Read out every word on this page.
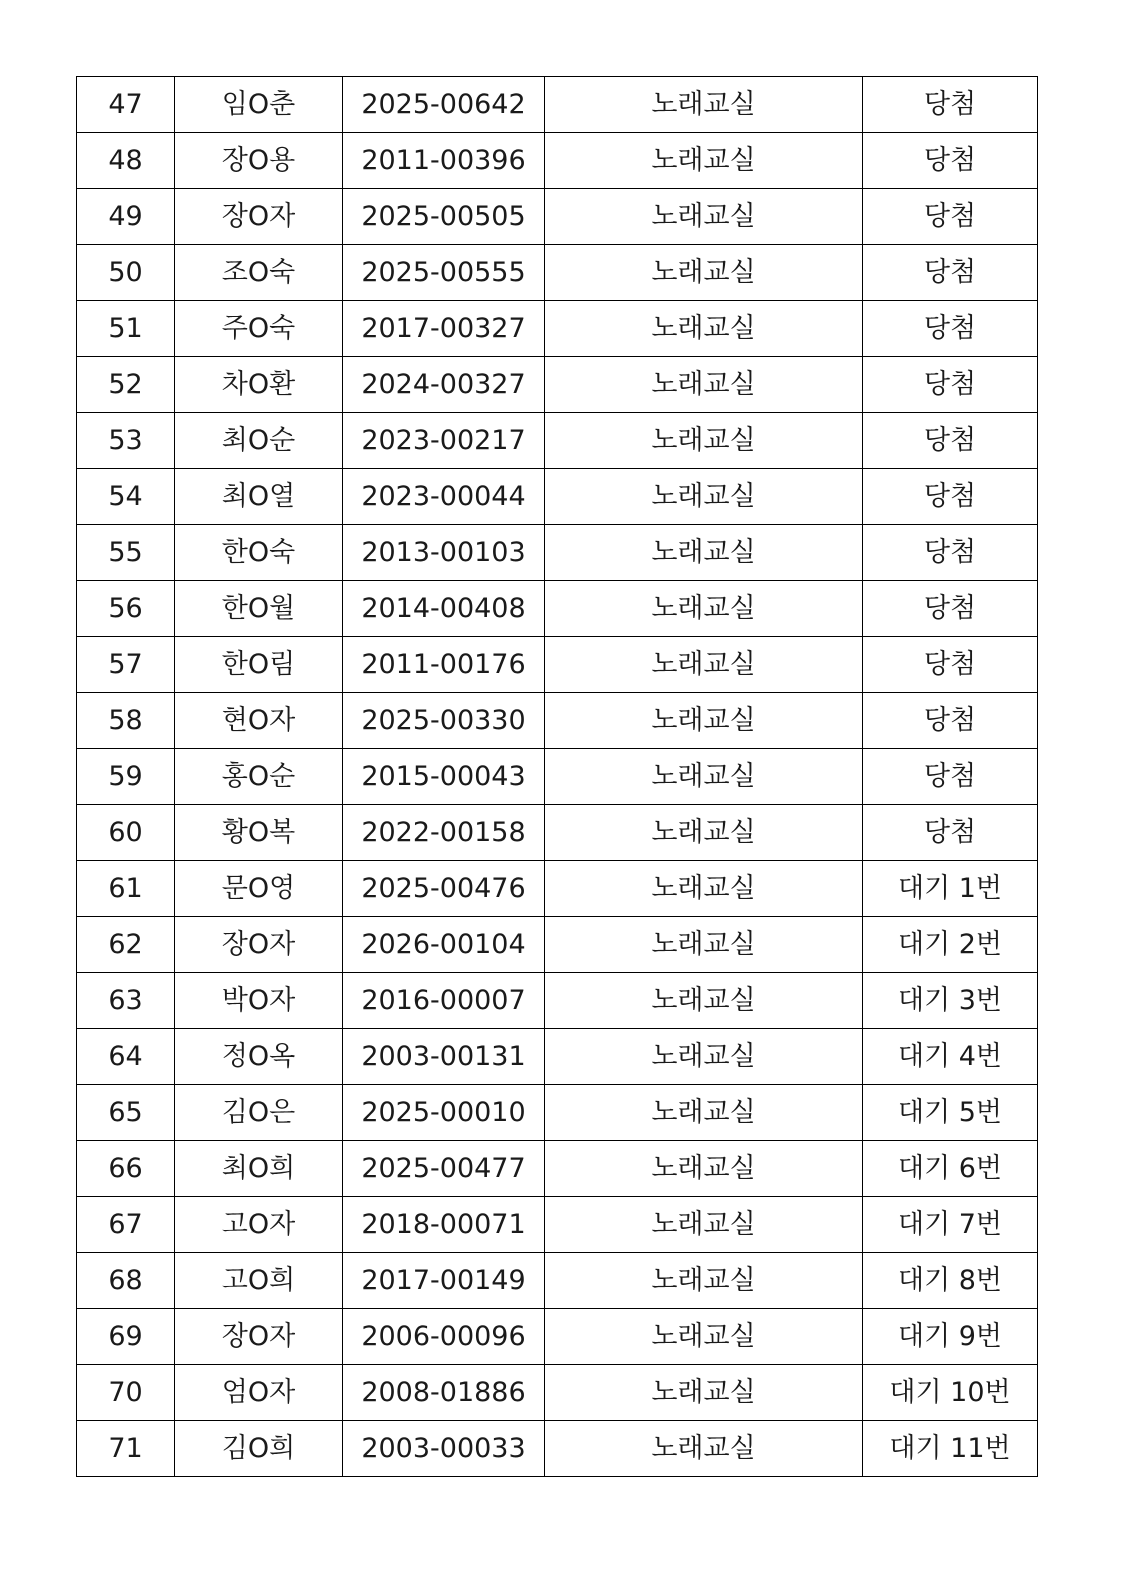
47	임O춘	2025-00642	노래교실	당첨
48	장O용	2011-00396	노래교실	당첨
49	장O자	2025-00505	노래교실	당첨
50	조O숙	2025-00555	노래교실	당첨
51	주O숙	2017-00327	노래교실	당첨
52	차O환	2024-00327	노래교실	당첨
53	최O순	2023-00217	노래교실	당첨
54	최O열	2023-00044	노래교실	당첨
55	한O숙	2013-00103	노래교실	당첨
56	한O월	2014-00408	노래교실	당첨
57	한O림	2011-00176	노래교실	당첨
58	현O자	2025-00330	노래교실	당첨
59	홍O순	2015-00043	노래교실	당첨
60	황O복	2022-00158	노래교실	당첨
61	문O영	2025-00476	노래교실	대기 1번
62	장O자	2026-00104	노래교실	대기 2번
63	박O자	2016-00007	노래교실	대기 3번
64	정O옥	2003-00131	노래교실	대기 4번
65	김O은	2025-00010	노래교실	대기 5번
66	최O희	2025-00477	노래교실	대기 6번
67	고O자	2018-00071	노래교실	대기 7번
68	고O희	2017-00149	노래교실	대기 8번
69	장O자	2006-00096	노래교실	대기 9번
70	엄O자	2008-01886	노래교실	대기 10번
71	김O희	2003-00033	노래교실	대기 11번
